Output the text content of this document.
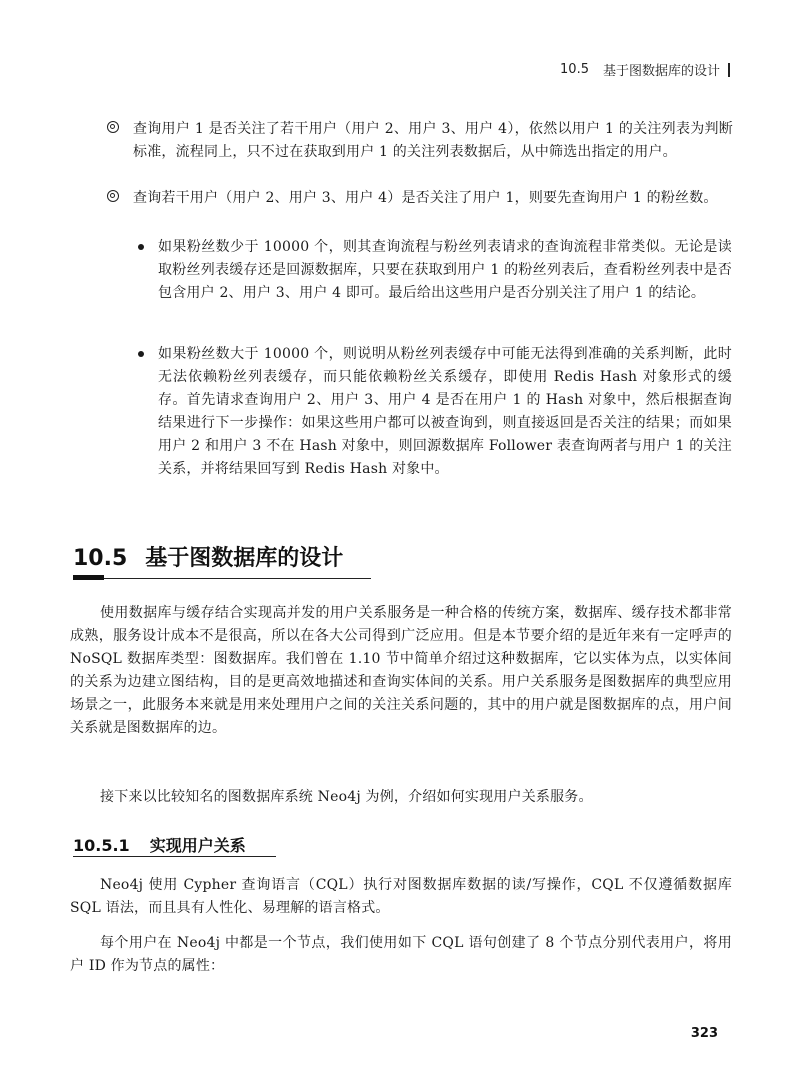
10.5 基于图数据库的设计

查询用户 1 是否关注了若干用户（用户 2、用户 3、用户 4），依然以用户 1 的关注列表为判断标准，流程同上，只不过在获取到用户 1 的关注列表数据后，从中筛选出指定的用户。

查询若干用户（用户 2、用户 3、用户 4）是否关注了用户 1，则要先查询用户 1 的粉丝数。

如果粉丝数少于 10000 个，则其查询流程与粉丝列表请求的查询流程非常类似。无论是读取粉丝列表缓存还是回源数据库，只要在获取到用户 1 的粉丝列表后，查看粉丝列表中是否包含用户 2、用户 3、用户 4 即可。最后给出这些用户是否分别关注了用户 1 的结论。

如果粉丝数大于 10000 个，则说明从粉丝列表缓存中可能无法得到准确的关系判断，此时无法依赖粉丝列表缓存，而只能依赖粉丝关系缓存，即使用 Redis Hash 对象形式的缓存。首先请求查询用户 2、用户 3、用户 4 是否在用户 1 的 Hash 对象中，然后根据查询结果进行下一步操作：如果这些用户都可以被查询到，则直接返回是否关注的结果；而如果用户 2 和用户 3 不在 Hash 对象中，则回源数据库 Follower 表查询两者与用户 1 的关注关系，并将结果回写到 Redis Hash 对象中。

10.5 基于图数据库的设计

使用数据库与缓存结合实现高并发的用户关系服务是一种合格的传统方案，数据库、缓存技术都非常成熟，服务设计成本不是很高，所以在各大公司得到广泛应用。但是本节要介绍的是近年来有一定呼声的 NoSQL 数据库类型：图数据库。我们曾在 1.10 节中简单介绍过这种数据库，它以实体为点，以实体间的关系为边建立图结构，目的是更高效地描述和查询实体间的关系。用户关系服务是图数据库的典型应用场景之一，此服务本来就是用来处理用户之间的关注关系问题的，其中的用户就是图数据库的点，用户间关系就是图数据库的边。

接下来以比较知名的图数据库系统 Neo4j 为例，介绍如何实现用户关系服务。

10.5.1 实现用户关系

Neo4j 使用 Cypher 查询语言（CQL）执行对图数据库数据的读/写操作，CQL 不仅遵循数据库 SQL 语法，而且具有人性化、易理解的语言格式。

每个用户在 Neo4j 中都是一个节点，我们使用如下 CQL 语句创建了 8 个节点分别代表用户，将用户 ID 作为节点的属性：

323
